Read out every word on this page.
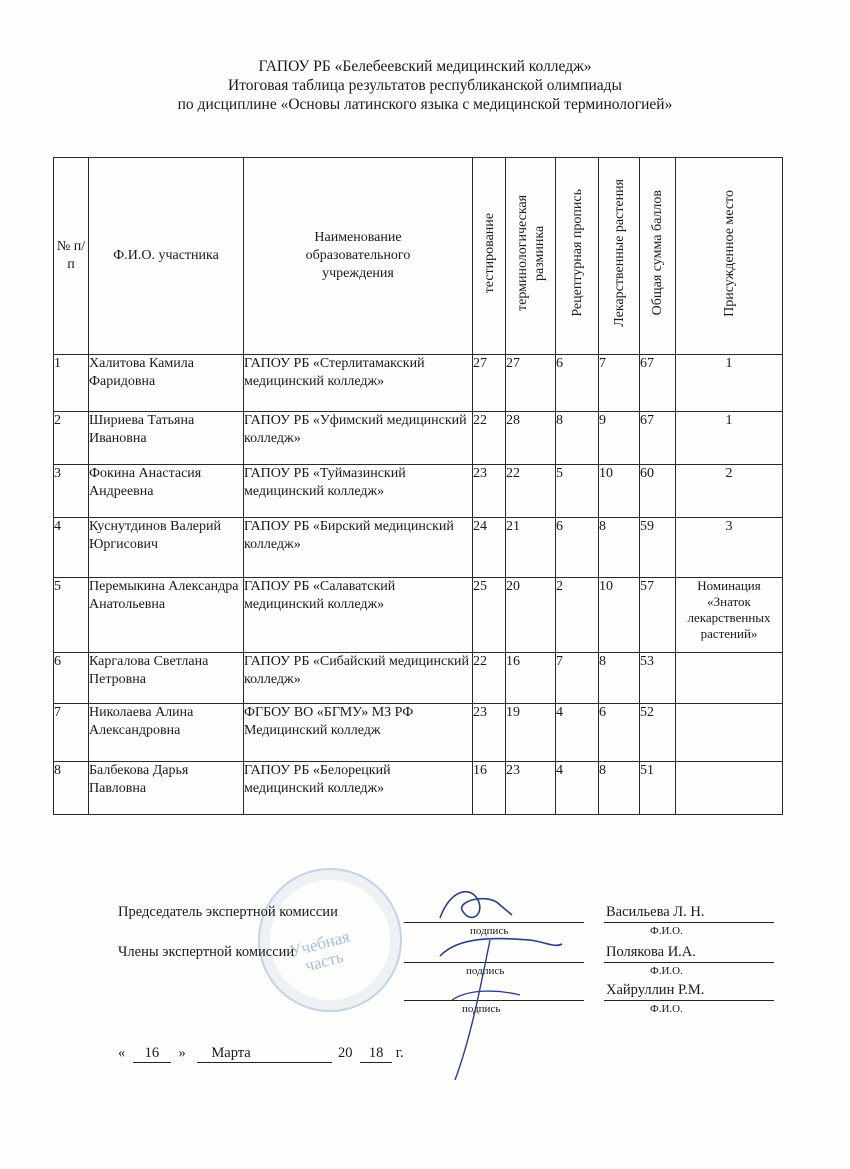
ГАПОУ РБ «Белебеевский медицинский колледж»
Итоговая таблица результатов республиканской олимпиады
по дисциплине «Основы латинского языка с медицинской терминологией»
№ п/п	Ф.И.О. участника	Наименование образовательного учреждения	тестирование	терминологическая разминка	Рецептурная пропись	Лекарственные растения	Общая сумма баллов	Присужденное место
1	Халитова Камила Фаридовна	ГАПОУ РБ «Стерлитамакский медицинский колледж»	27	27	6	7	67	1
2	Шириева Татьяна Ивановна	ГАПОУ РБ «Уфимский медицинский колледж»	22	28	8	9	67	1
3	Фокина Анастасия Андреевна	ГАПОУ РБ «Туймазинский медицинский колледж»	23	22	5	10	60	2
4	Куснутдинов Валерий Юргисович	ГАПОУ РБ «Бирский медицинский колледж»	24	21	6	8	59	3
5	Перемыкина Александра Анатольевна	ГАПОУ РБ «Салаватский медицинский колледж»	25	20	2	10	57	Номинация «Знаток лекарственных растений»
6	Каргалова Светлана Петровна	ГАПОУ РБ «Сибайский медицинский колледж»	22	16	7	8	53	
7	Николаева Алина Александровна	ФГБОУ ВО «БГМУ» МЗ РФ Медицинский колледж	23	19	4	6	52	
8	Балбекова Дарья Павловна	ГАПОУ РБ «Белорецкий медицинский колледж»	16	23	4	8	51	
Учебная часть
Председатель экспертной комиссии
подпись
Васильева Л. Н.
Ф.И.О.
Члены экспертной комиссии
подпись
Полякова И.А.
Ф.И.О.
подпись
Хайруллин Р.М.
Ф.И.О.
« 16 » Марта	20 18 г.
